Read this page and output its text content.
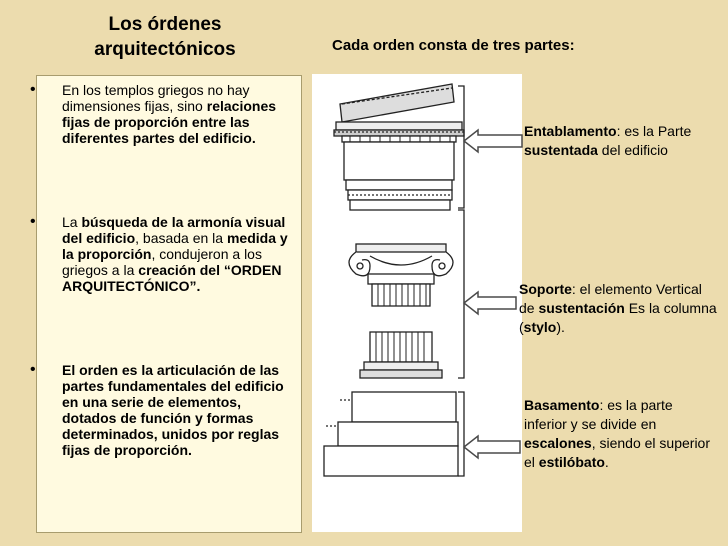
Los órdenes
arquitectónicos	Cada orden consta de tres partes:
•	En los templos griegos no hay dimensiones fijas, sino relaciones fijas de proporción entre las diferentes partes del edificio.
•	La búsqueda de la armonía visual del edificio, basada en la medida y la proporción, condujeron a los griegos a la creación del “ORDEN ARQUITECTÓNICO”.
•	El orden es la articulación de las partes fundamentales del edificio en una serie de elementos, dotados de función y formas determinados, unidos por reglas fijas de proporción.
Entablamento: es la Parte sustentada del edificio
Soporte: el elemento Vertical de sustentación Es la columna (stylo).
Basamento: es la parte inferior y se divide en escalones, siendo el superior el estilóbato.
